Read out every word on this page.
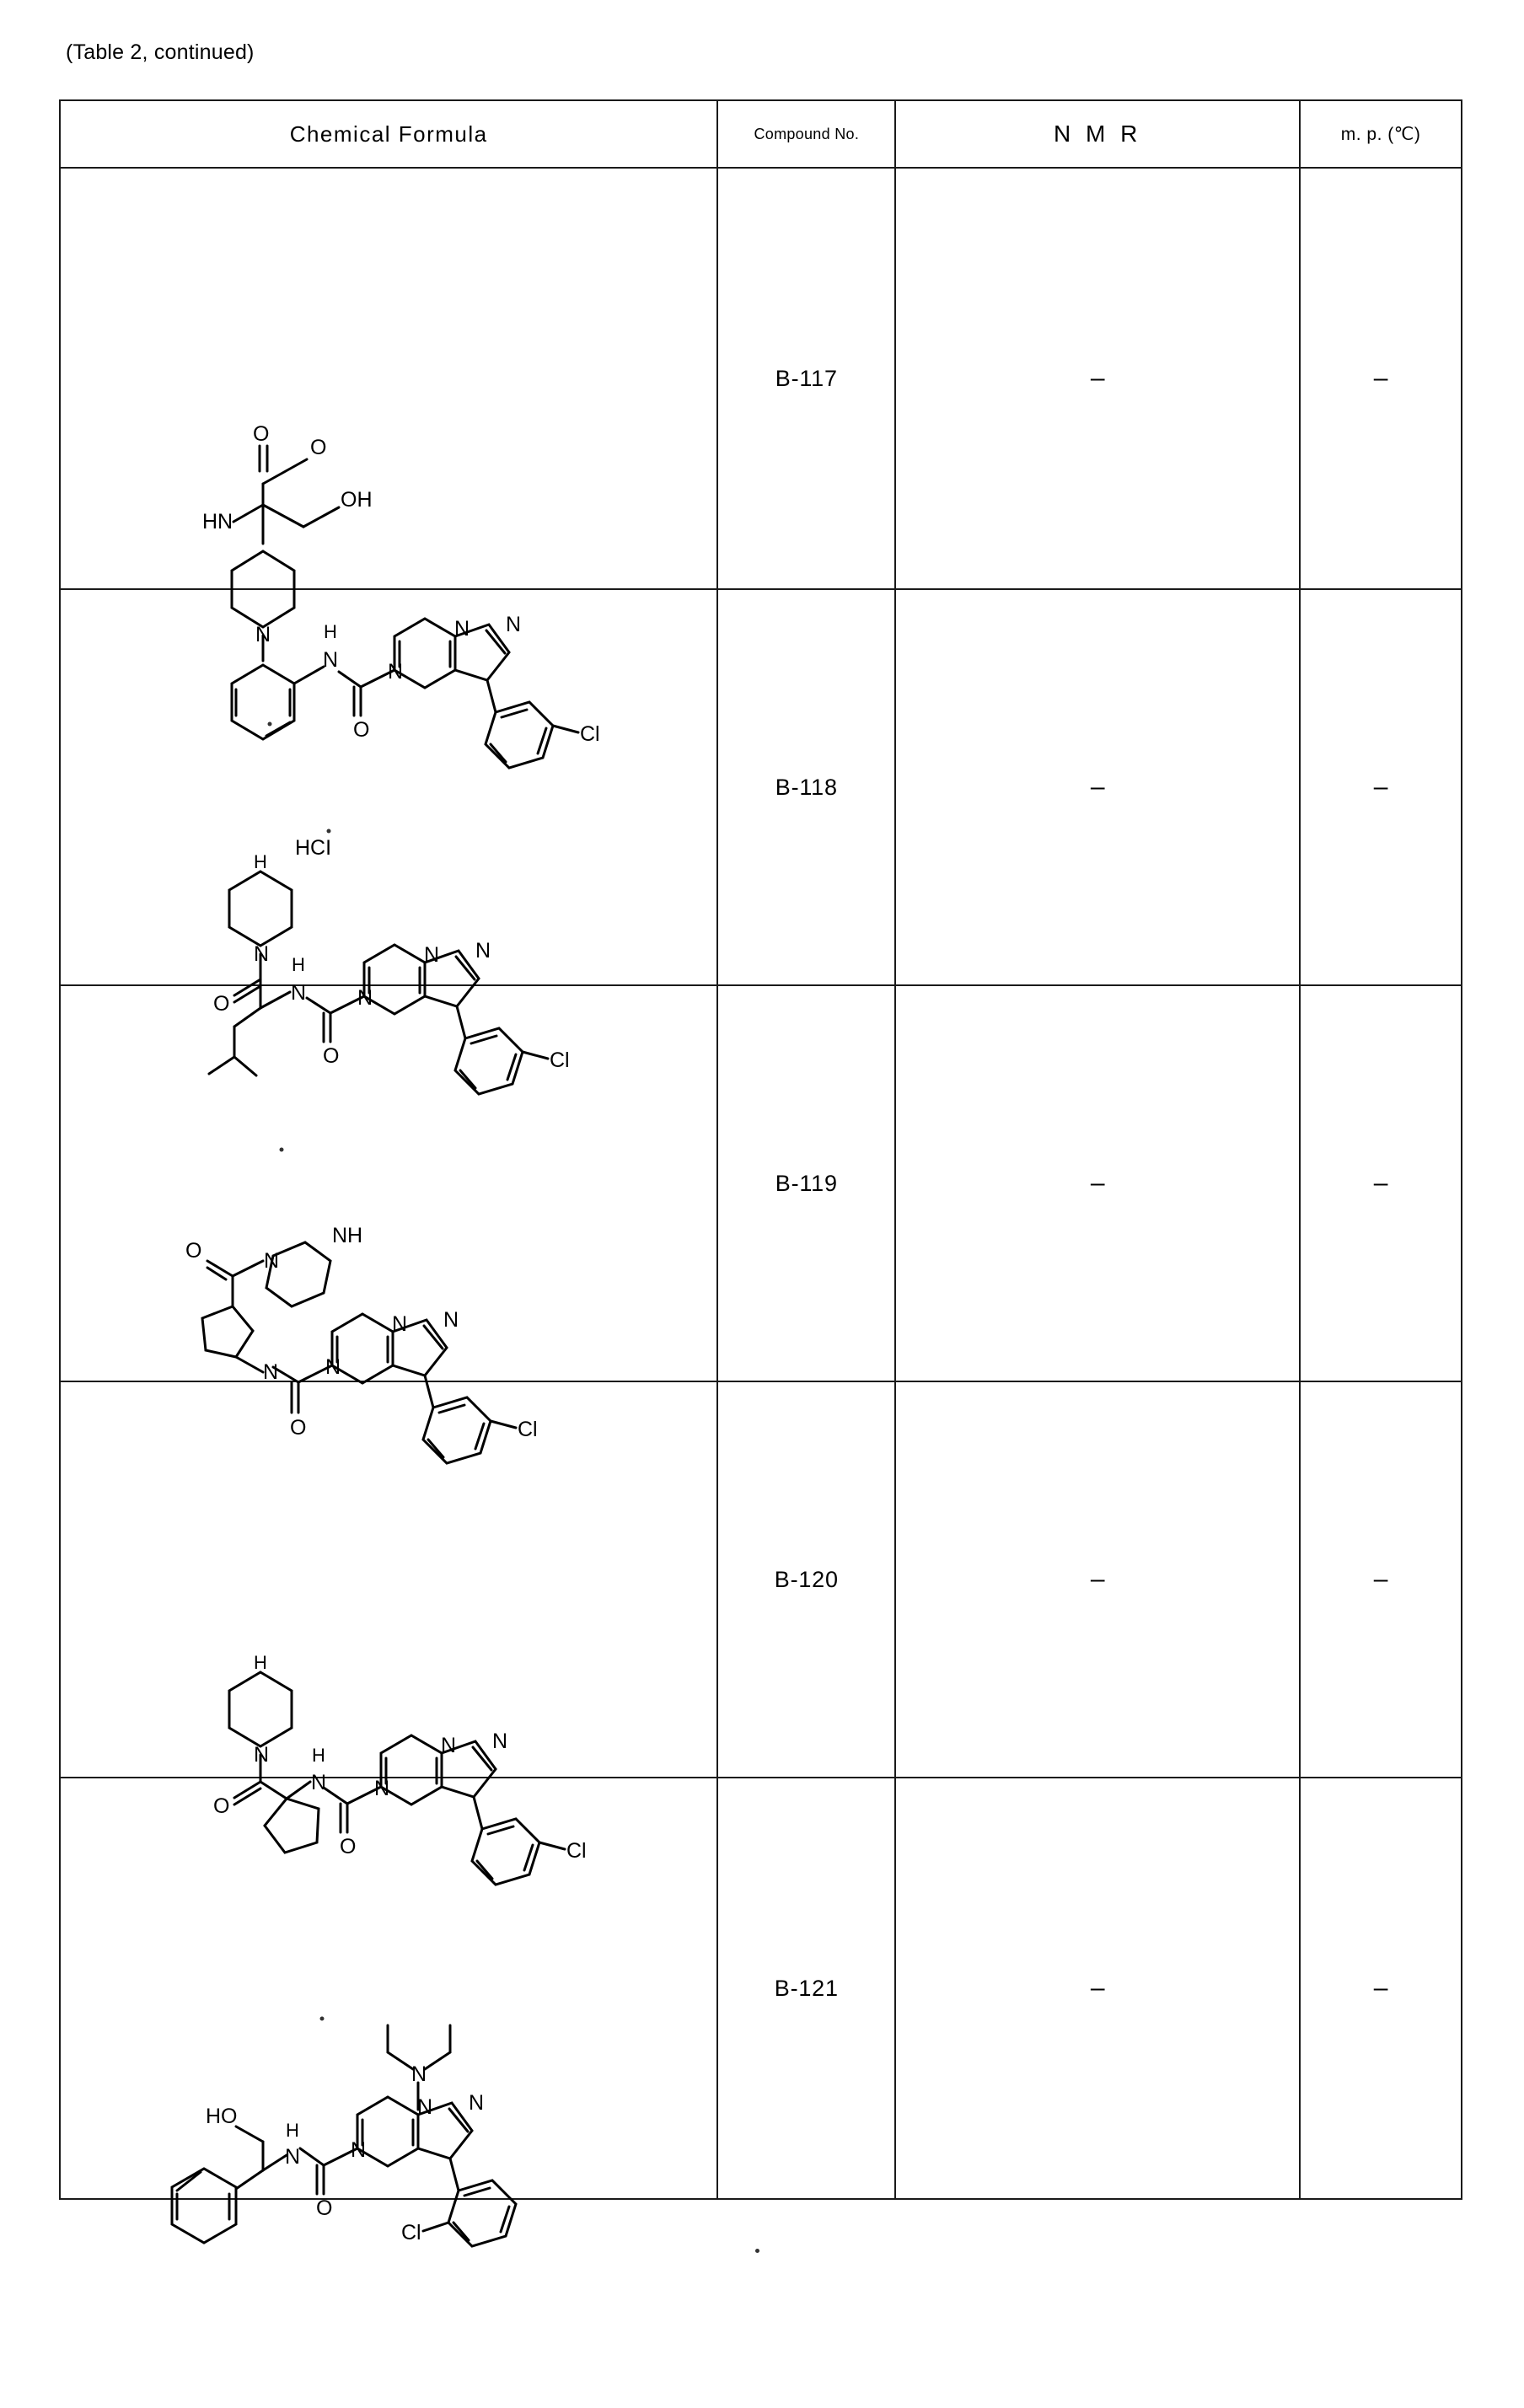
(Table 2, continued)
Chemical Formula	Compound No.	N M R	m. p. (℃)

O
O
OH
HN
N
N
H
O
N
N N
Cl
	B-117	–	–

H
HCI
N
O	N
H
O
N
N N
Cl
	B-118	–	–

O	N
NH
N
O
N
N N
Cl
	B-119	–	–

H
N
O
N
H
O
N
N N
Cl
	B-120	–	–

N
N
N N
O
N
H
HO
Cl
	B-121	–	–
